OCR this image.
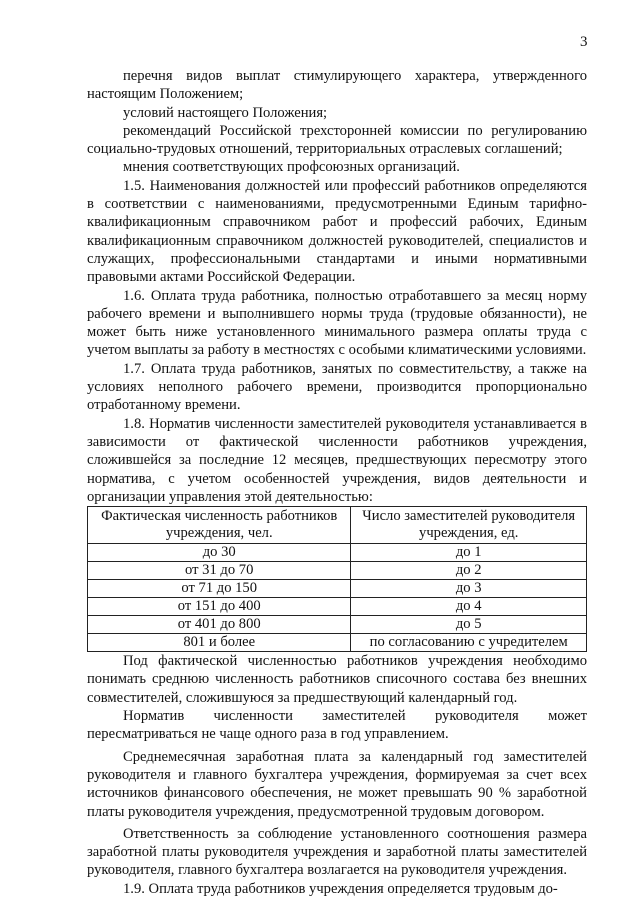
3

перечня видов выплат стимулирующего характера, утвержденного настоящим Положением;

условий настоящего Положения;

рекомендаций Российской трехсторонней комиссии по регулированию социально-трудовых отношений, территориальных отраслевых соглашений;

мнения соответствующих профсоюзных организаций.

1.5. Наименования должностей или профессий работников определяются в соответствии с наименованиями, предусмотренными Единым тарифно-квалификационным справочником работ и профессий рабочих, Единым квалификационным справочником должностей руководителей, специалистов и служащих, профессиональными стандартами и иными нормативными правовыми актами Российской Федерации.

1.6. Оплата труда работника, полностью отработавшего за месяц норму рабочего времени и выполнившего нормы труда (трудовые обязанности), не может быть ниже установленного минимального размера оплаты труда с учетом выплаты за работу в местностях с особыми климатическими условиями.

1.7. Оплата труда работников, занятых по совместительству, а также на условиях неполного рабочего времени, производится пропорционально отработанному времени.

1.8. Норматив численности заместителей руководителя устанавливается в зависимости от фактической численности работников учреждения, сложившейся за последние 12 месяцев, предшествующих пересмотру этого норматива, с учетом особенностей учреждения, видов деятельности и организации управления этой деятельностью:

Фактическая численность работников учреждения, чел.	Число заместителей руководителя учреждения, ед.
до 30	до 1
от 31 до 70	до 2
от 71 до 150	до 3
от 151 до 400	до 4
от 401 до 800	до 5
801 и более	по согласованию с учредителем

Под фактической численностью работников учреждения необходимо понимать среднюю численность работников списочного состава без внешних совместителей, сложившуюся за предшествующий календарный год.

Норматив численности заместителей руководителя может пересматриваться не чаще одного раза в год управлением.

Среднемесячная заработная плата за календарный год заместителей руководителя и главного бухгалтера учреждения, формируемая за счет всех источников финансового обеспечения, не может превышать 90 % заработной платы руководителя учреждения, предусмотренной трудовым договором.

Ответственность за соблюдение установленного соотношения размера заработной платы руководителя учреждения и заработной платы заместителей руководителя, главного бухгалтера возлагается на руководителя учреждения.

1.9. Оплата труда работников учреждения определяется трудовым до-
